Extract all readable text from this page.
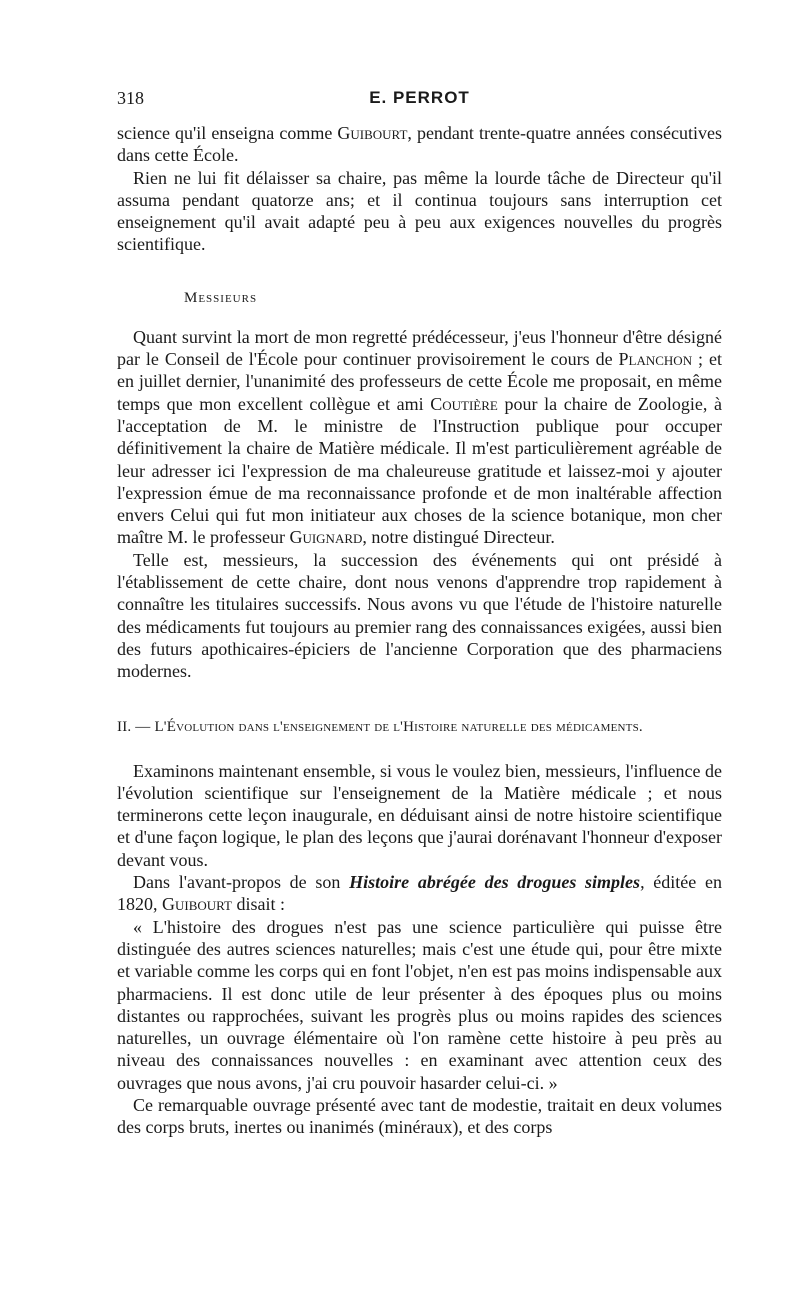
318	E. PERROT

science qu'il enseigna comme Guibourt, pendant trente-quatre années consécutives dans cette École.

Rien ne lui fit délaisser sa chaire, pas même la lourde tâche de Directeur qu'il assuma pendant quatorze ans; et il continua toujours sans interruption cet enseignement qu'il avait adapté peu à peu aux exigences nouvelles du progrès scientifique.

Messieurs

Quant survint la mort de mon regretté prédécesseur, j'eus l'honneur d'être désigné par le Conseil de l'École pour continuer provisoirement le cours de Planchon ; et en juillet dernier, l'unanimité des professeurs de cette École me proposait, en même temps que mon excellent collègue et ami Coutière pour la chaire de Zoologie, à l'acceptation de M. le ministre de l'Instruction publique pour occuper définitivement la chaire de Matière médicale. Il m'est particulièrement agréable de leur adresser ici l'expression de ma chaleureuse gratitude et laissez-moi y ajouter l'expression émue de ma reconnaissance profonde et de mon inaltérable affection envers Celui qui fut mon initiateur aux choses de la science botanique, mon cher maître M. le professeur Guignard, notre distingué Directeur.

Telle est, messieurs, la succession des événements qui ont présidé à l'établissement de cette chaire, dont nous venons d'apprendre trop rapidement à connaître les titulaires successifs. Nous avons vu que l'étude de l'histoire naturelle des médicaments fut toujours au premier rang des connaissances exigées, aussi bien des futurs apothicaires-épiciers de l'ancienne Corporation que des pharmaciens modernes.

II. — L'Évolution dans l'enseignement de l'Histoire naturelle des médicaments.

Examinons maintenant ensemble, si vous le voulez bien, messieurs, l'influence de l'évolution scientifique sur l'enseignement de la Matière médicale ; et nous terminerons cette leçon inaugurale, en déduisant ainsi de notre histoire scientifique et d'une façon logique, le plan des leçons que j'aurai dorénavant l'honneur d'exposer devant vous.

Dans l'avant-propos de son Histoire abrégée des drogues simples, éditée en 1820, Guibourt disait :

« L'histoire des drogues n'est pas une science particulière qui puisse être distinguée des autres sciences naturelles; mais c'est une étude qui, pour être mixte et variable comme les corps qui en font l'objet, n'en est pas moins indispensable aux pharmaciens. Il est donc utile de leur présenter à des époques plus ou moins distantes ou rapprochées, suivant les progrès plus ou moins rapides des sciences naturelles, un ouvrage élémentaire où l'on ramène cette histoire à peu près au niveau des connaissances nouvelles : en examinant avec attention ceux des ouvrages que nous avons, j'ai cru pouvoir hasarder celui-ci. »

Ce remarquable ouvrage présenté avec tant de modestie, traitait en deux volumes des corps bruts, inertes ou inanimés (minéraux), et des corps
